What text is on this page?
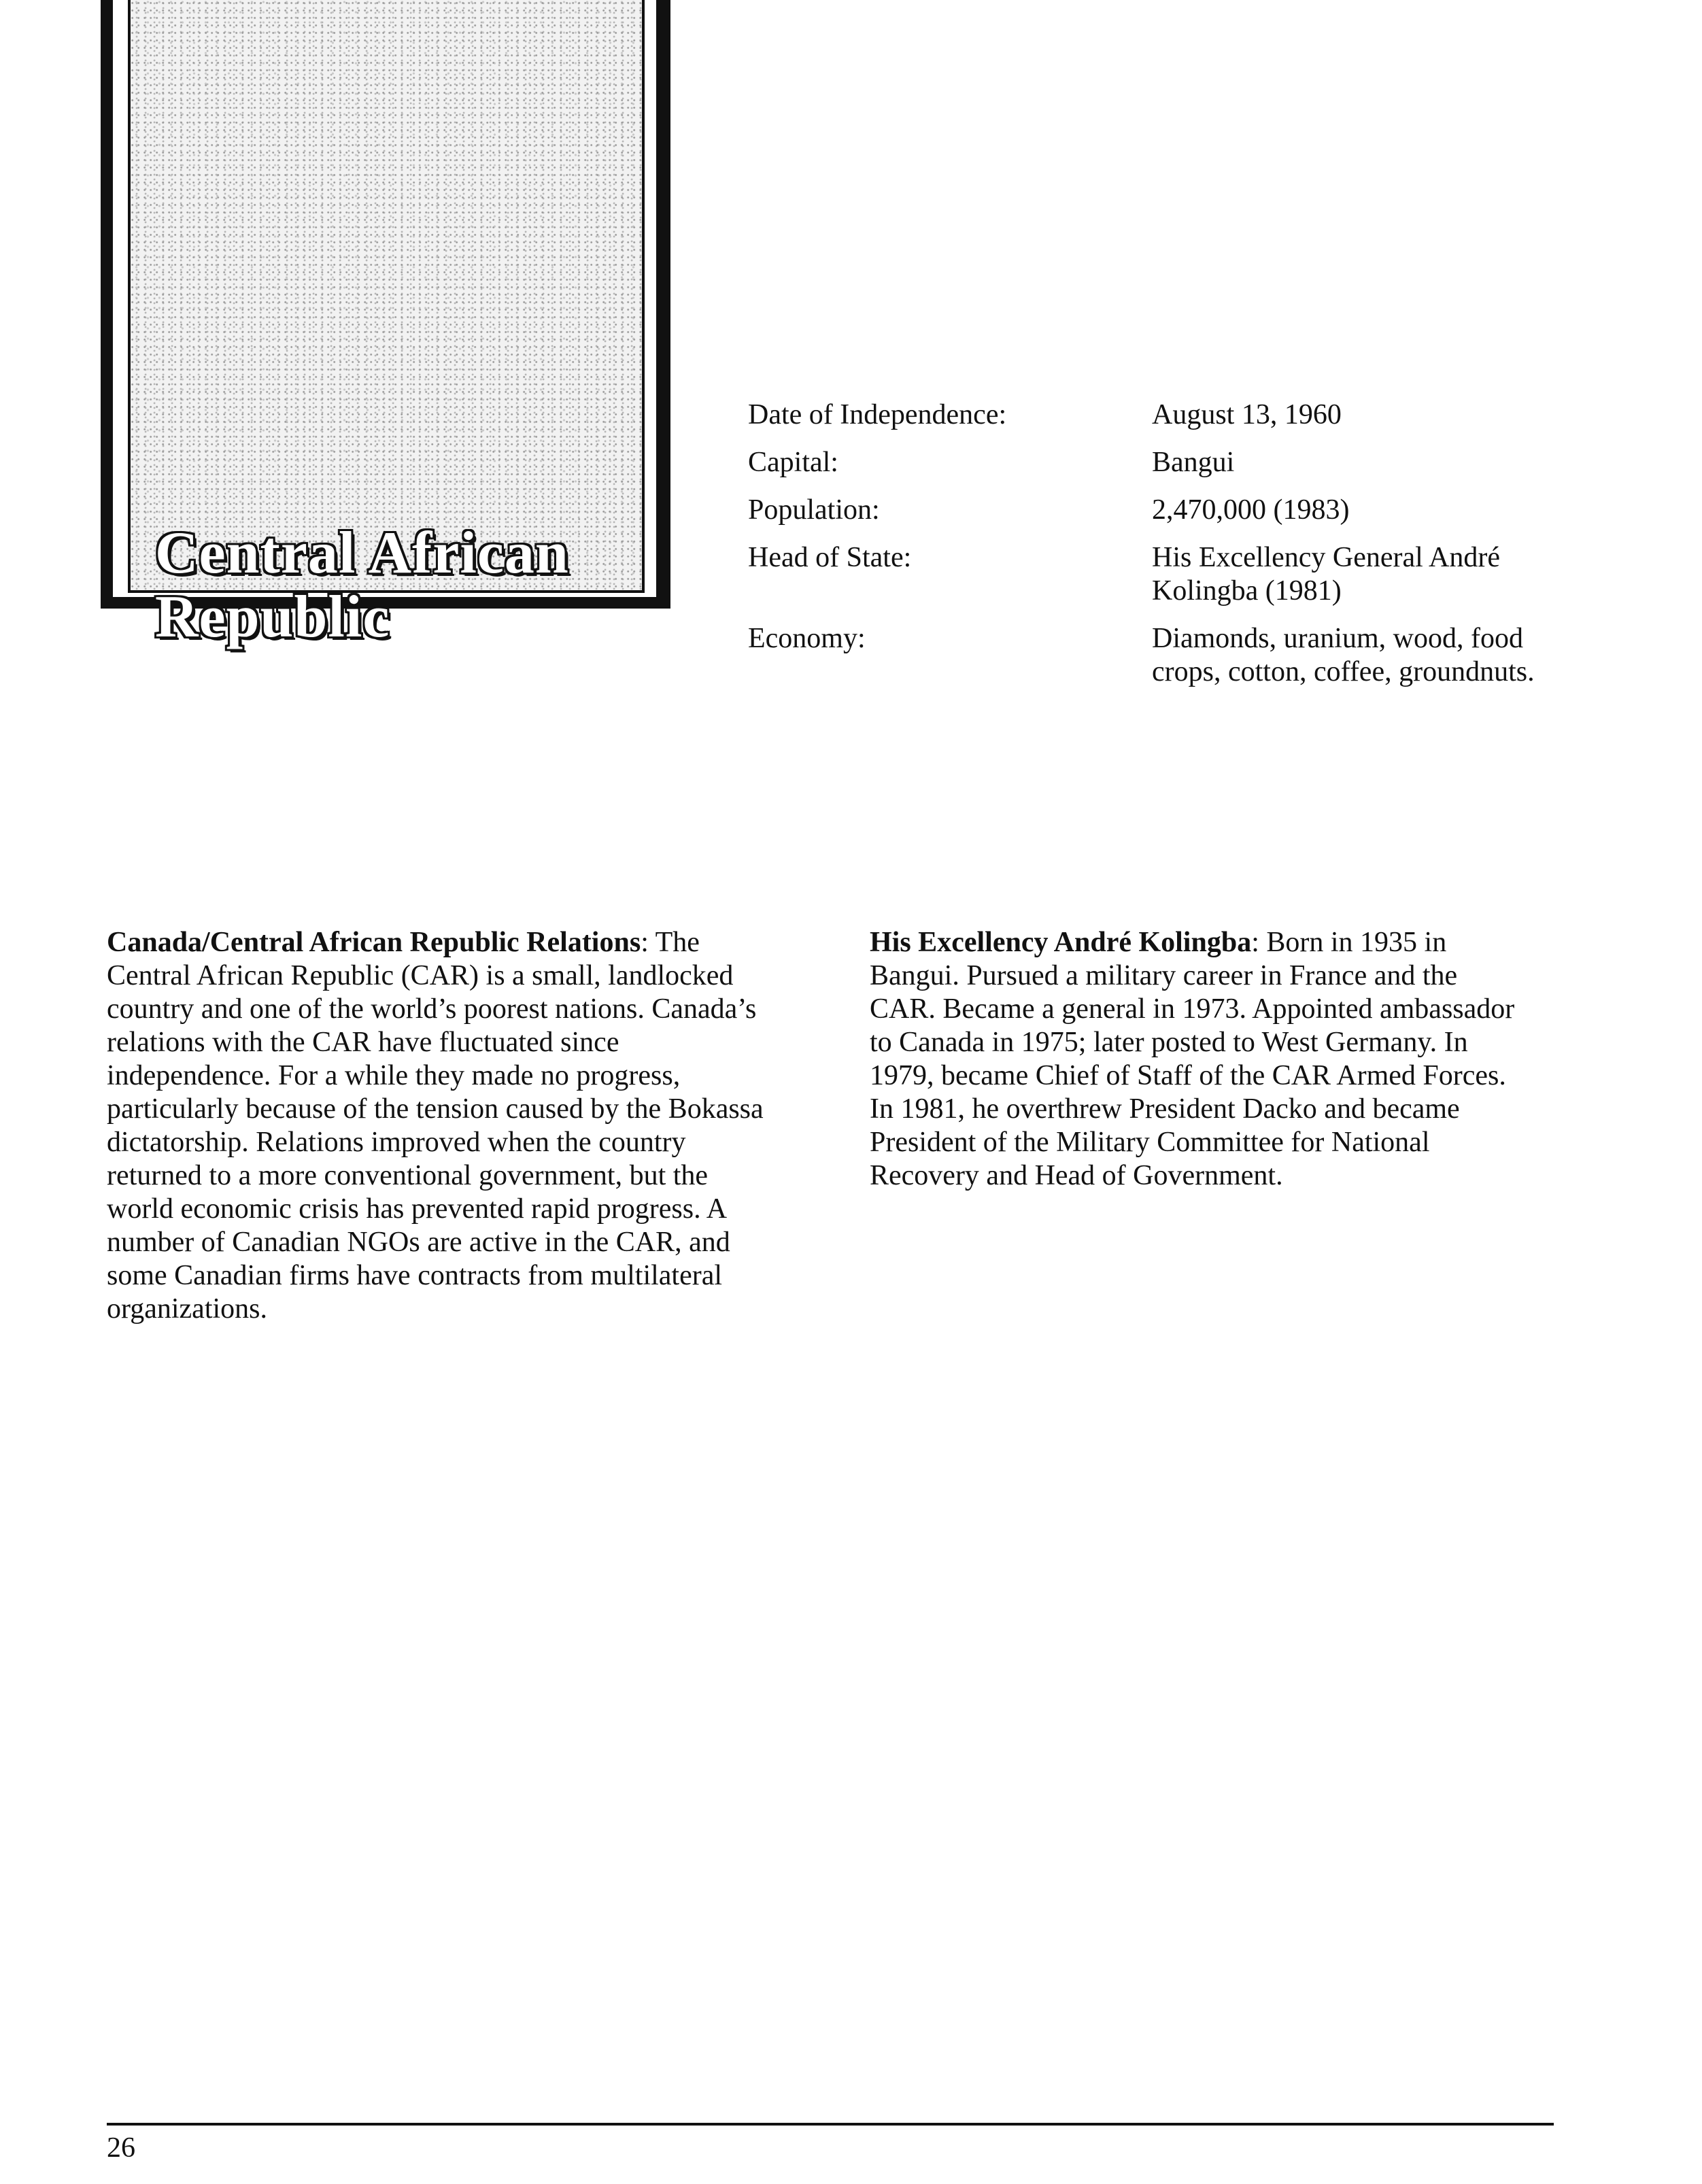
Central African
Republic
Date of Independence:	August 13, 1960
Capital:	Bangui
Population:	2,470,000 (1983)
Head of State:	His Excellency General André Kolingba (1981)
Economy:	Diamonds, uranium, wood, food crops, cotton, coffee, groundnuts.

Canada/Central African Republic Relations: The Central African Republic (CAR) is a small, landlocked country and one of the world’s poorest nations. Canada’s relations with the CAR have fluctuated since independence. For a while they made no progress, particularly because of the tension caused by the Bokassa dictatorship. Relations improved when the country returned to a more conventional government, but the world economic crisis has prevented rapid progress. A number of Canadian NGOs are active in the CAR, and some Canadian firms have contracts from multilateral organizations.

His Excellency André Kolingba: Born in 1935 in Bangui. Pursued a military career in France and the CAR. Became a general in 1973. Appointed ambassador to Canada in 1975; later posted to West Germany. In 1979, became Chief of Staff of the CAR Armed Forces. In 1981, he overthrew President Dacko and became President of the Military Committee for National Recovery and Head of Government.

26
